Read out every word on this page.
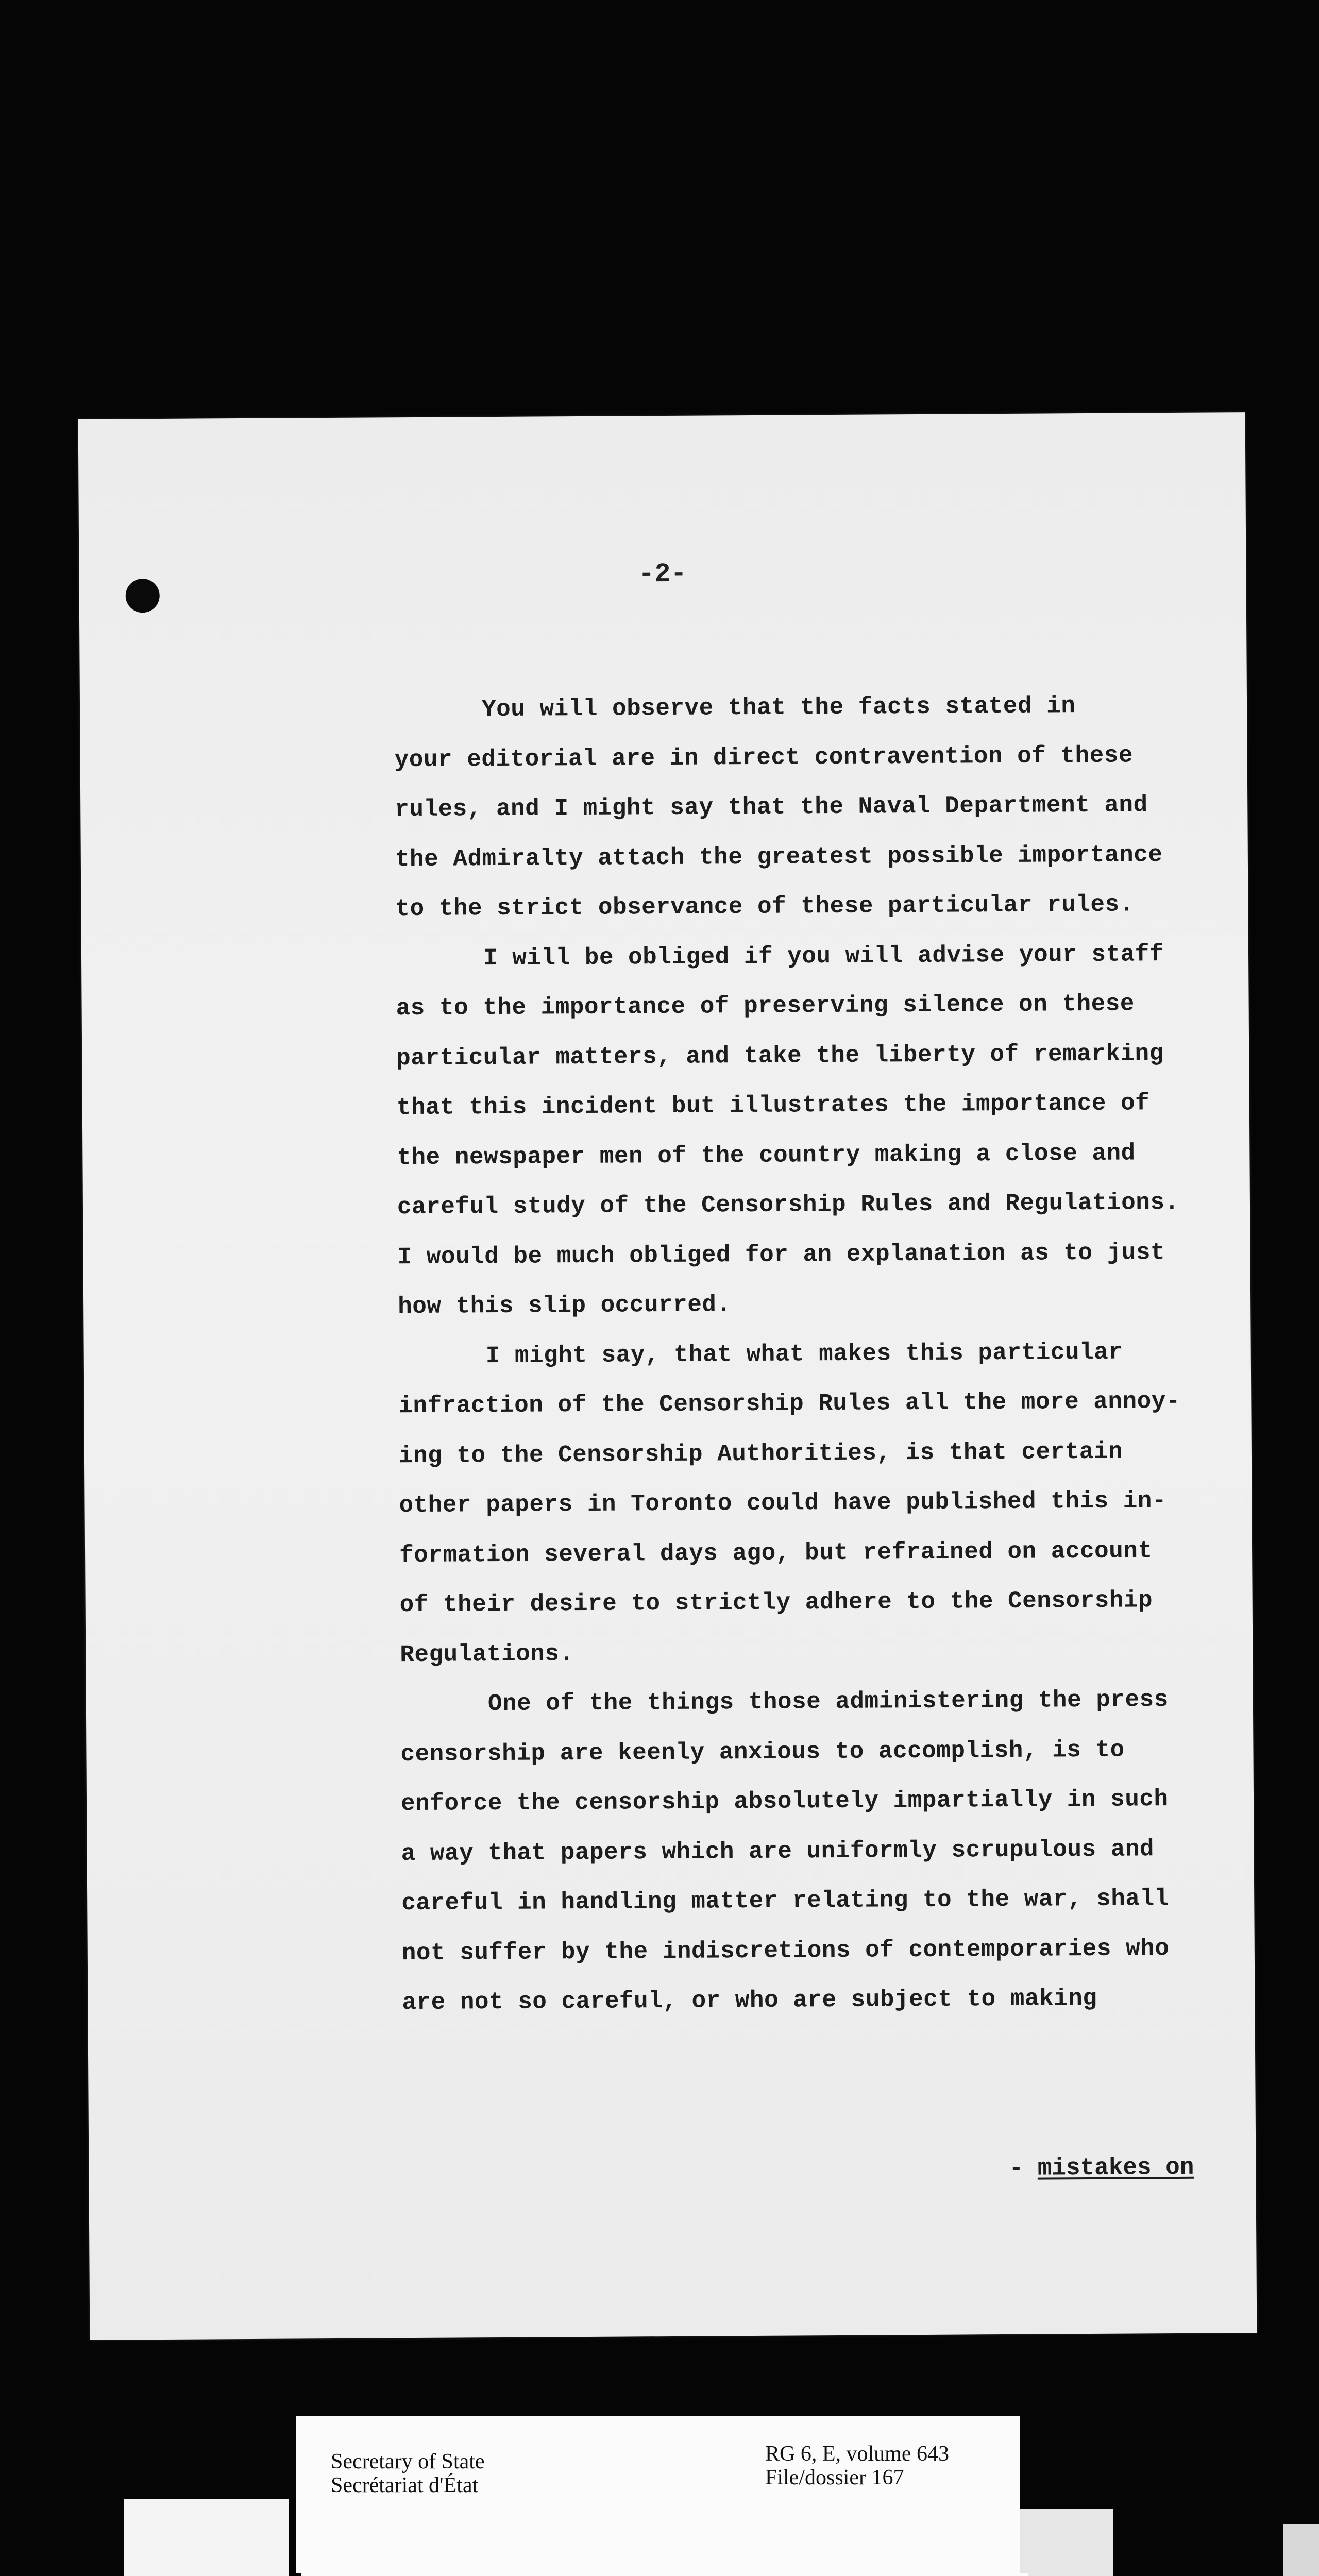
-2-
You will observe that the facts stated in
your editorial are in direct contravention of these
rules, and I might say that the Naval Department and
the Admiralty attach the greatest possible importance
to the strict observance of these particular rules.
I will be obliged if you will advise your staff
as to the importance of preserving silence on these
particular matters, and take the liberty of remarking
that this incident but illustrates the importance of
the newspaper men of the country making a close and
careful study of the Censorship Rules and Regulations.
I would be much obliged for an explanation as to just
how this slip occurred.
I might say, that what makes this particular
infraction of the Censorship Rules all the more annoy-
ing to the Censorship Authorities, is that certain
other papers in Toronto could have published this in-
formation several days ago, but refrained on account
of their desire to strictly adhere to the Censorship
Regulations.
One of the things those administering the press
censorship are keenly anxious to accomplish, is to
enforce the censorship absolutely impartially in such
a way that papers which are uniformly scrupulous and
careful in handling matter relating to the war, shall
not suffer by the indiscretions of contemporaries who
are not so careful, or who are subject to making
- mistakes on
Secretary of State
Secrétariat d'État
RG 6, E, volume 643
File/dossier 167
